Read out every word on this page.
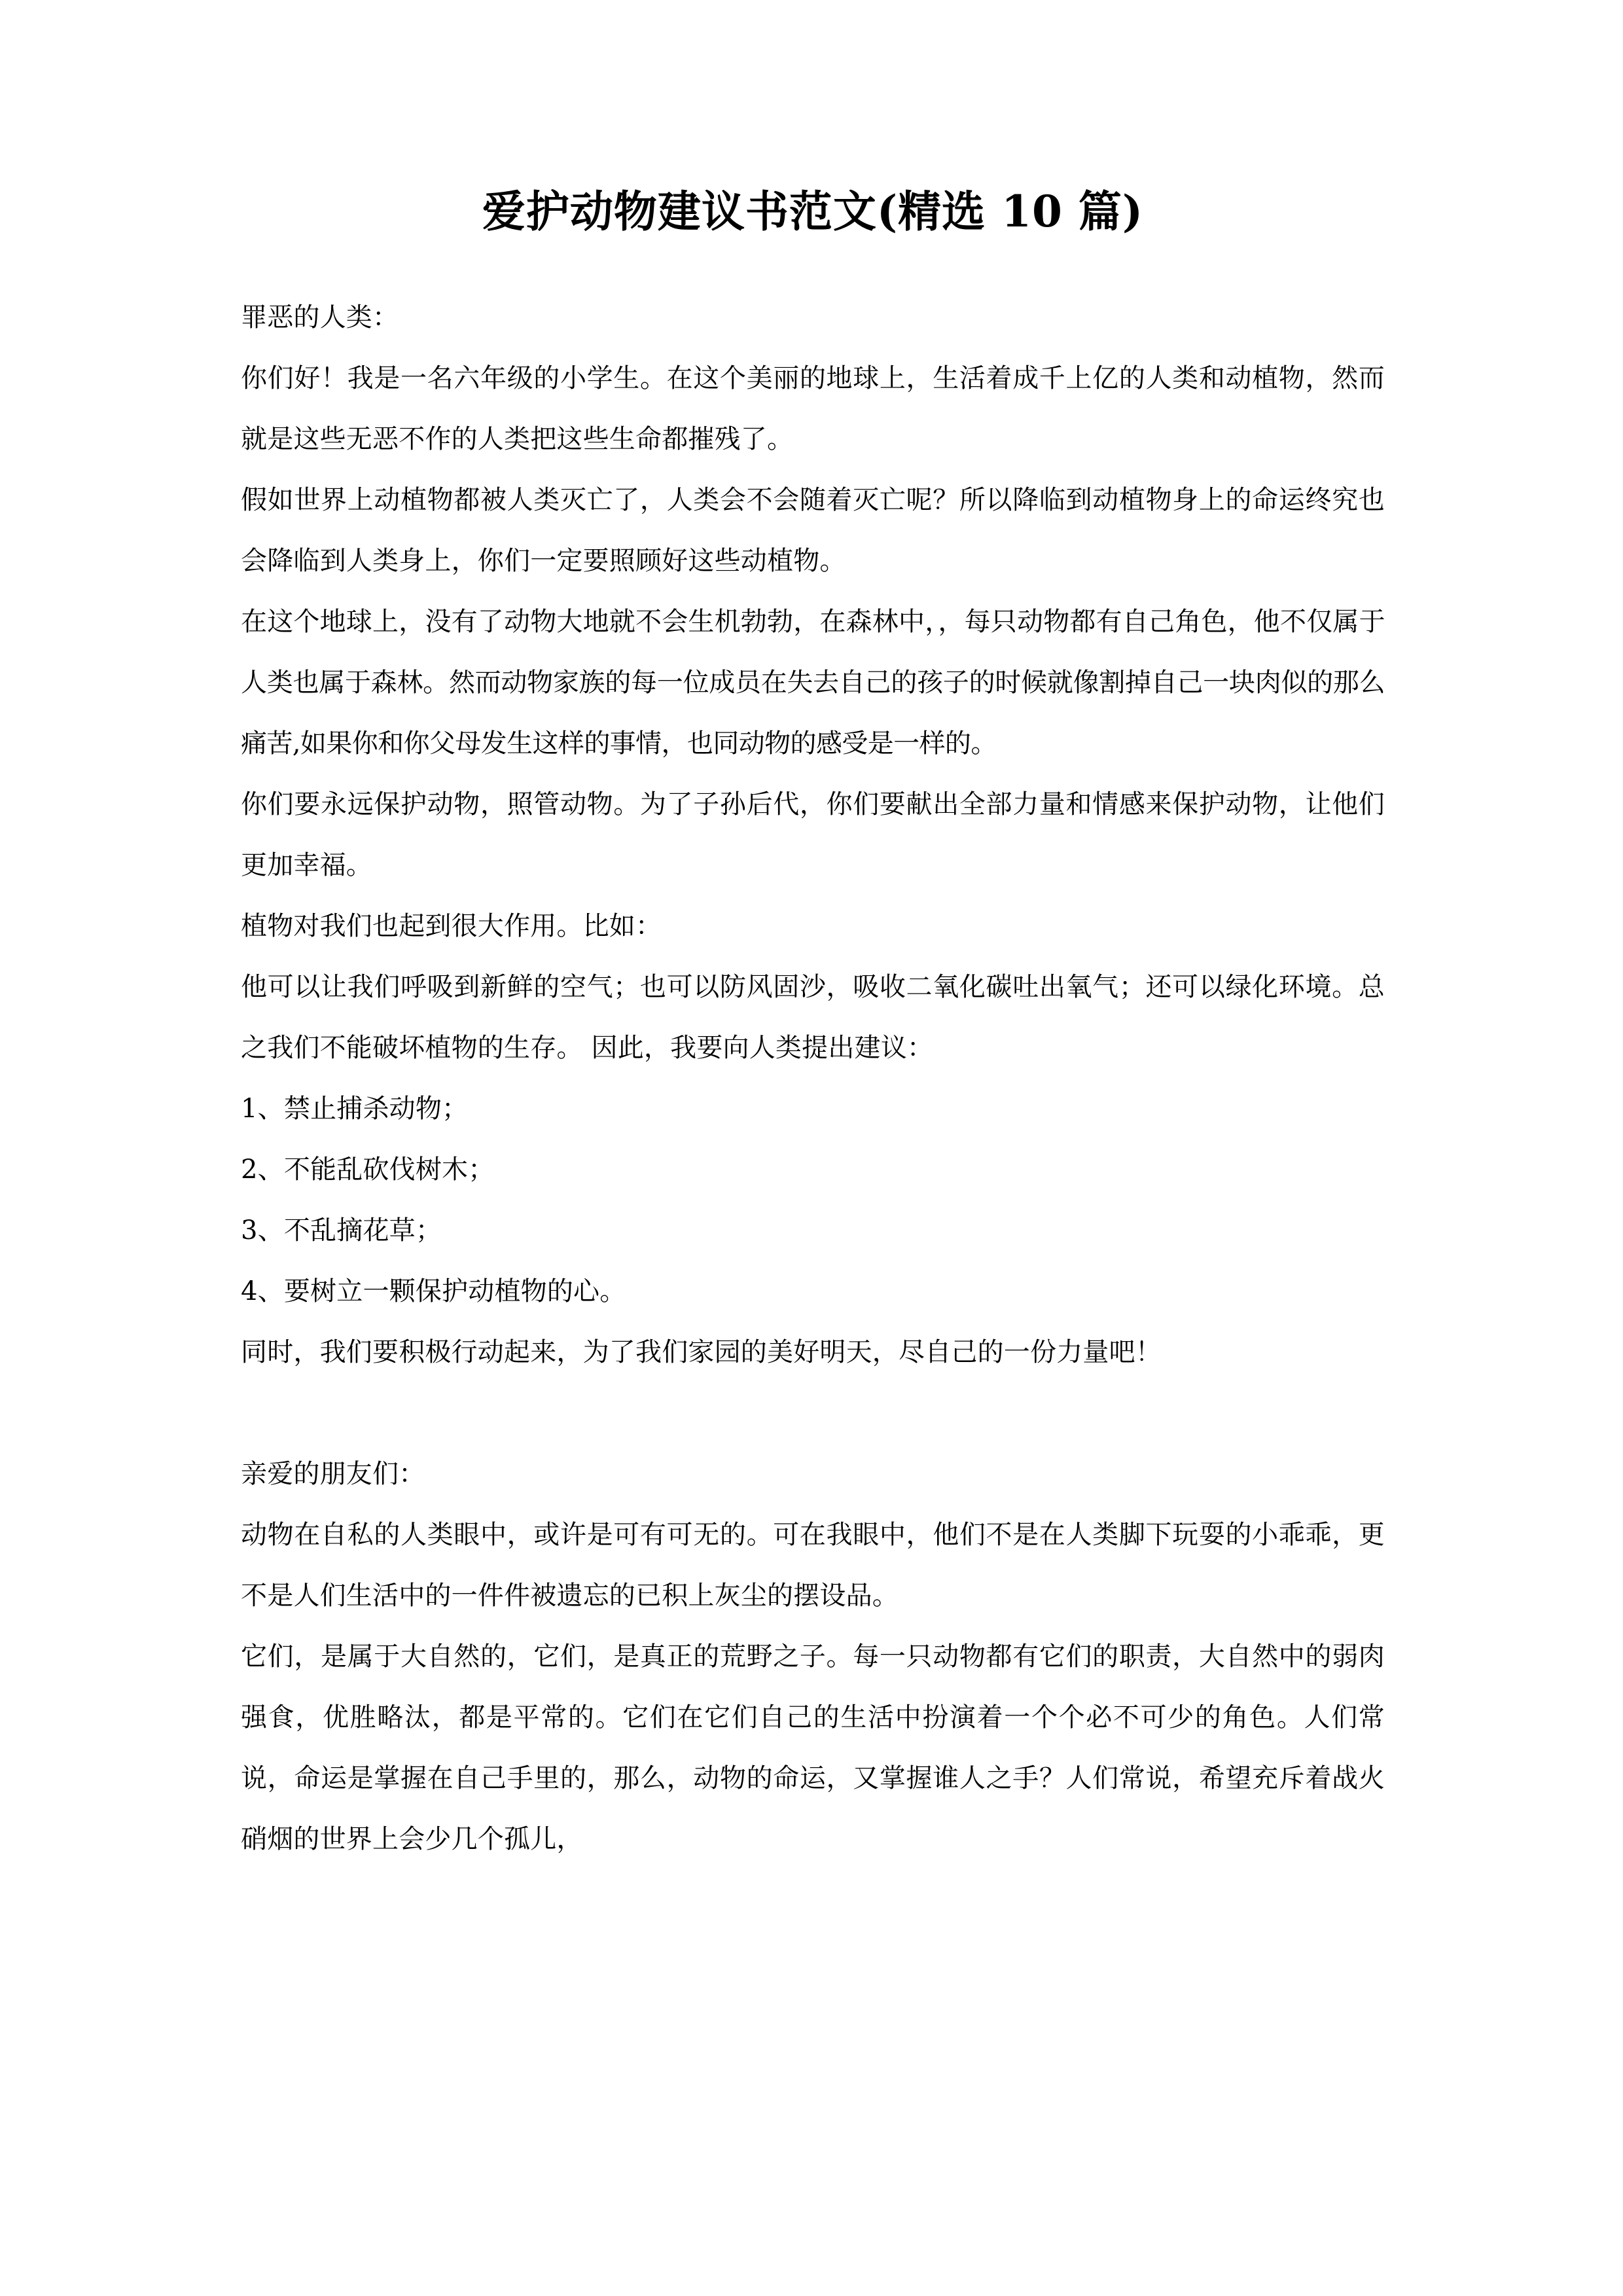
爱护动物建议书范文(精选 10 篇)

罪恶的人类：

你们好！我是一名六年级的小学生。在这个美丽的地球上，生活着成千上亿的人类和动植物，然而就是这些无恶不作的人类把这些生命都摧残了。

假如世界上动植物都被人类灭亡了，人类会不会随着灭亡呢？所以降临到动植物身上的命运终究也会降临到人类身上，你们一定要照顾好这些动植物。

在这个地球上，没有了动物大地就不会生机勃勃，在森林中，，每只动物都有自己角色，他不仅属于人类也属于森林。然而动物家族的每一位成员在失去自己的孩子的时候就像割掉自己一块肉似的那么痛苦,如果你和你父母发生这样的事情，也同动物的感受是一样的。

你们要永远保护动物，照管动物。为了子孙后代，你们要献出全部力量和情感来保护动物，让他们更加幸福。

植物对我们也起到很大作用。比如：

他可以让我们呼吸到新鲜的空气；也可以防风固沙，吸收二氧化碳吐出氧气；还可以绿化环境。总之我们不能破坏植物的生存。 因此，我要向人类提出建议：

1、禁止捕杀动物；

2、不能乱砍伐树木；

3、不乱摘花草；

4、要树立一颗保护动植物的心。

同时，我们要积极行动起来，为了我们家园的美好明天，尽自己的一份力量吧！

亲爱的朋友们：

动物在自私的人类眼中，或许是可有可无的。可在我眼中，他们不是在人类脚下玩耍的小乖乖，更不是人们生活中的一件件被遗忘的已积上灰尘的摆设品。

它们，是属于大自然的，它们，是真正的荒野之子。每一只动物都有它们的职责，大自然中的弱肉强食，优胜略汰，都是平常的。它们在它们自己的生活中扮演着一个个必不可少的角色。人们常说，命运是掌握在自己手里的，那么，动物的命运，又掌握谁人之手？人们常说，希望充斥着战火硝烟的世界上会少几个孤儿，
